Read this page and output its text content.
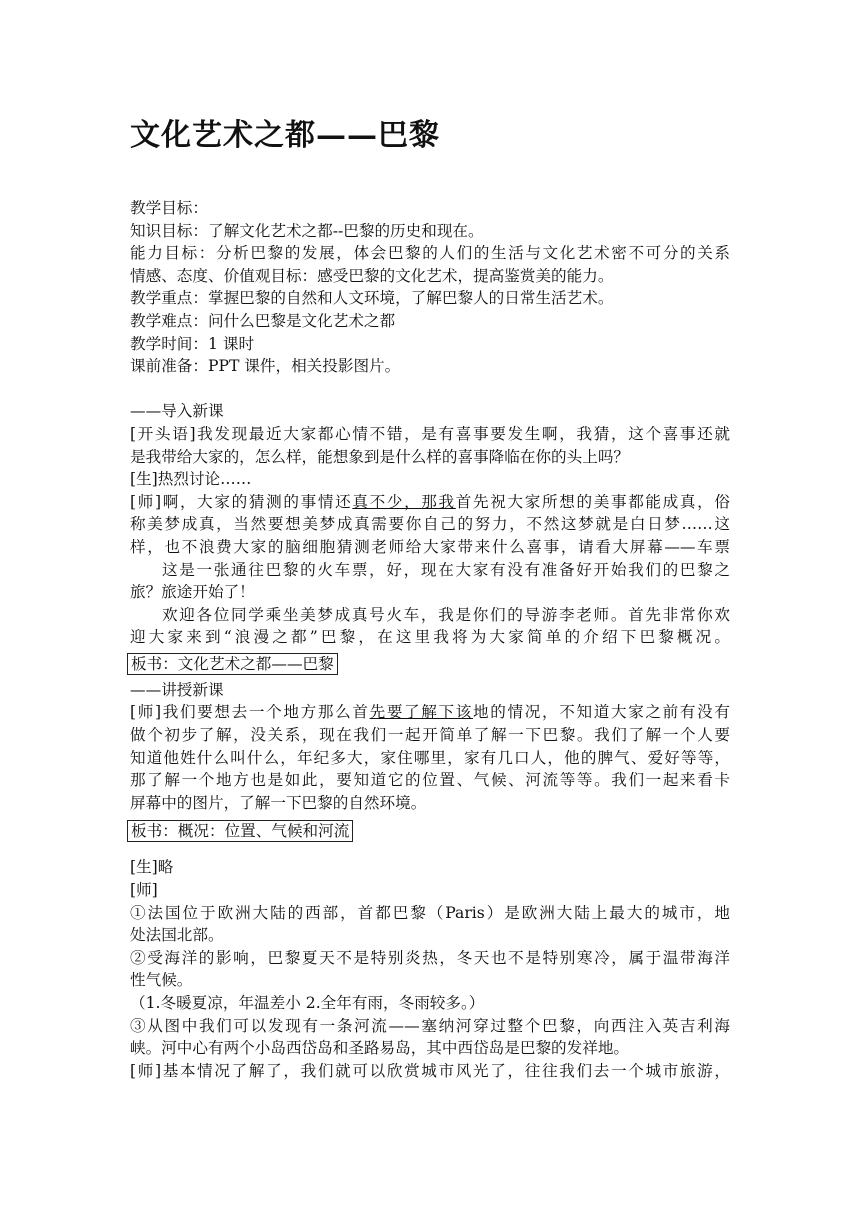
文化艺术之都——巴黎
教学目标：
知识目标：了解文化艺术之都--巴黎的历史和现在。
能力目标：分析巴黎的发展，体会巴黎的人们的生活与文化艺术密不可分的关系
情感、态度、价值观目标：感受巴黎的文化艺术，提高鉴赏美的能力。
教学重点：掌握巴黎的自然和人文环境，了解巴黎人的日常生活艺术。
教学难点：问什么巴黎是文化艺术之都
教学时间：1 课时
课前准备：PPT 课件，相关投影图片。
——导入新课
[开头语]我发现最近大家都心情不错，是有喜事要发生啊，我猜，这个喜事还就
是我带给大家的，怎么样，能想象到是什么样的喜事降临在你的头上吗？
[生]热烈讨论……
[师]啊，大家的猜测的事情还真不少，那我首先祝大家所想的美事都能成真，俗
称美梦成真，当然要想美梦成真需要你自己的努力，不然这梦就是白日梦……这
样，也不浪费大家的脑细胞猜测老师给大家带来什么喜事，请看大屏幕——车票
这是一张通往巴黎的火车票，好，现在大家有没有准备好开始我们的巴黎之
旅？旅途开始了！
欢迎各位同学乘坐美梦成真号火车，我是你们的导游李老师。首先非常你欢
迎大家来到“浪漫之都”巴黎，在这里我将为大家简单的介绍下巴黎概况。
板书：文化艺术之都——巴黎
——讲授新课
[师]我们要想去一个地方那么首先要了解下该地的情况，不知道大家之前有没有
做个初步了解，没关系，现在我们一起开简单了解一下巴黎。我们了解一个人要
知道他姓什么叫什么，年纪多大，家住哪里，家有几口人，他的脾气、爱好等等，
那了解一个地方也是如此，要知道它的位置、气候、河流等等。我们一起来看卡
屏幕中的图片，了解一下巴黎的自然环境。
板书：概况：位置、气候和河流
[生]略
[师]
①法国位于欧洲大陆的西部，首都巴黎（Paris）是欧洲大陆上最大的城市，地
处法国北部。
②受海洋的影响，巴黎夏天不是特别炎热，冬天也不是特别寒冷，属于温带海洋
性气候。
（1.冬暖夏凉，年温差小 2.全年有雨，冬雨较多。）
③从图中我们可以发现有一条河流——塞纳河穿过整个巴黎，向西注入英吉利海
峡。河中心有两个小岛西岱岛和圣路易岛，其中西岱岛是巴黎的发祥地。
[师]基本情况了解了，我们就可以欣赏城市风光了，往往我们去一个城市旅游，
